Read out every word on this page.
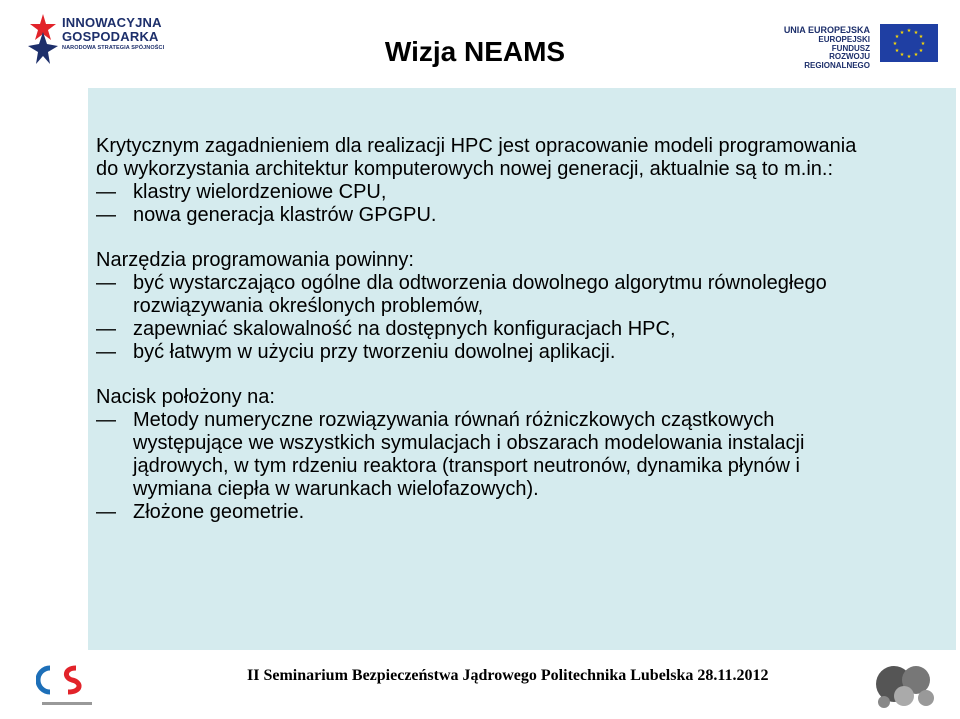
INNOWACYJNA
GOSPODARKA
NARODOWA STRATEGIA SPÓJNOŚCI	Wizja NEAMS
UNIA EUROPEJSKA
EUROPEJSKI FUNDUSZ
ROZWOJU REGIONALNEGO
★ ★
★
★
★
★
★
★
★
★
★
★

Krytycznym zagadnieniem dla realizacji HPC jest opracowanie modeli programowania do wykorzystania architektur komputerowych nowej generacji, aktualnie są to m.in.:

— klastry wielordzeniowe CPU,

— nowa generacja klastrów GPGPU.

Narzędzia programowania powinny:

— być wystarczająco ogólne dla odtworzenia dowolnego algorytmu równoległego rozwiązywania określonych problemów,

— zapewniać skalowalność na dostępnych konfiguracjach HPC,

— być łatwym w użyciu przy tworzeniu dowolnej aplikacji.

Nacisk położony na:

— Metody numeryczne rozwiązywania równań różniczkowych cząstkowych występujące we wszystkich symulacjach i obszarach modelowania instalacji jądrowych, w tym rdzeniu reaktora (transport neutronów, dynamika płynów i wymiana ciepła w warunkach wielofazowych).

— Złożone geometrie.

II Seminarium Bezpieczeństwa Jądrowego Politechnika Lubelska 28.11.2012
